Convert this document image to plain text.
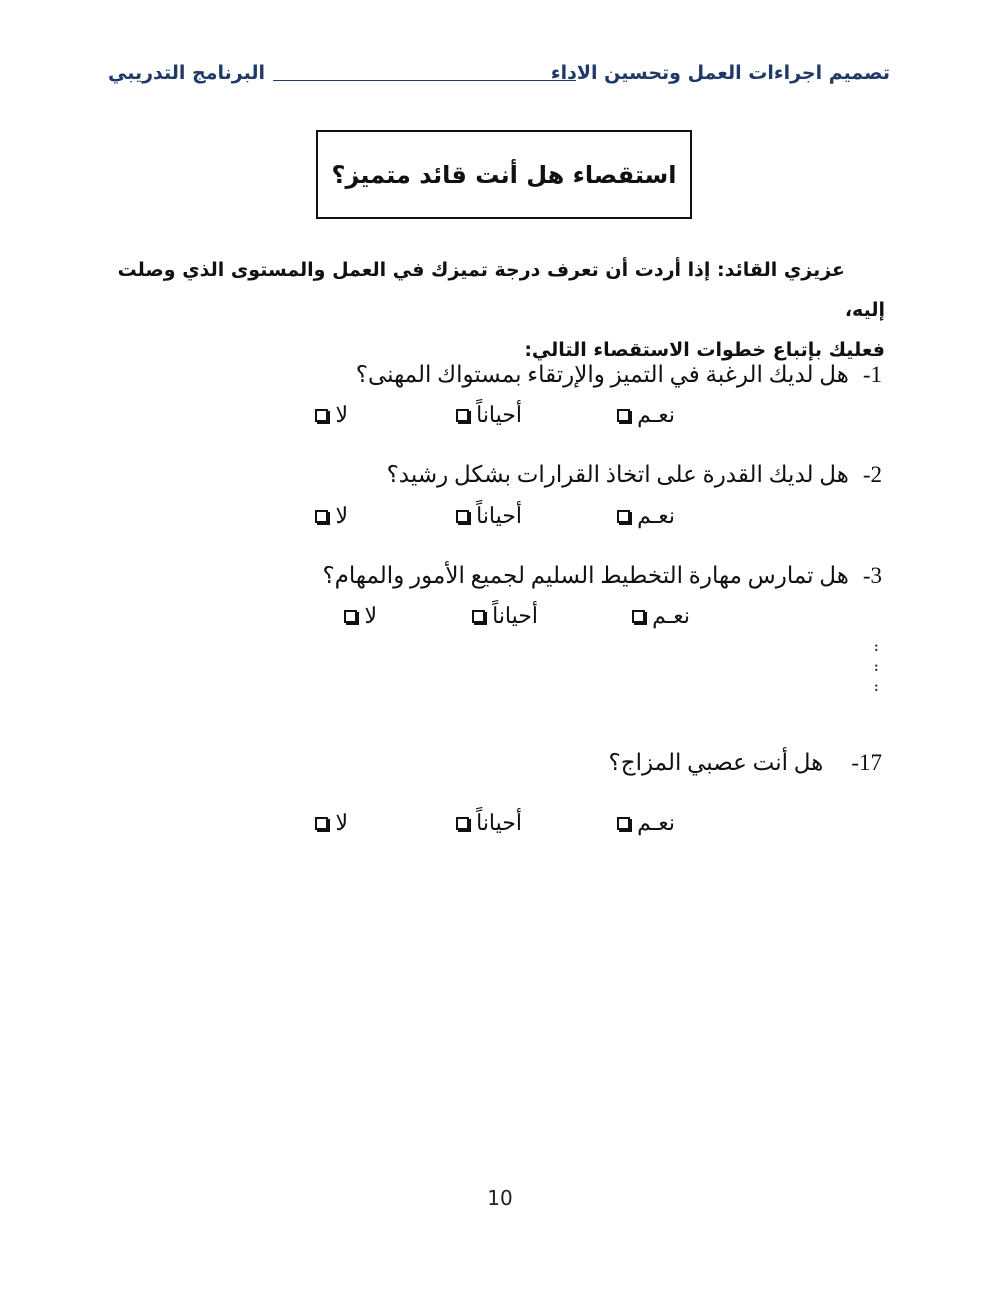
تصميم اجراءات العمل وتحسين الاداء
البرنامج التدريبي
استقصاء هل أنت قائد متميز؟
عزيزي القائد: إذا أردت أن تعرف درجة تميزك في العمل والمستوى الذي وصلت إليه،
فعليك بإتباع خطوات الاستقصاء التالي:
1-هل لديك الرغبة في التميز والإرتقاء بمستواك المهنى؟
نعـم
أحياناً
لا
2-هل لديك القدرة على اتخاذ القرارات بشكل رشيد؟
نعـم
أحياناً
لا
3-هل تمارس مهارة التخطيط السليم لجميع الأمور والمهام؟
نعـم
أحياناً
لا
:
:
:
17-هل أنت عصبي المزاج؟
نعـم
أحياناً
لا
10
